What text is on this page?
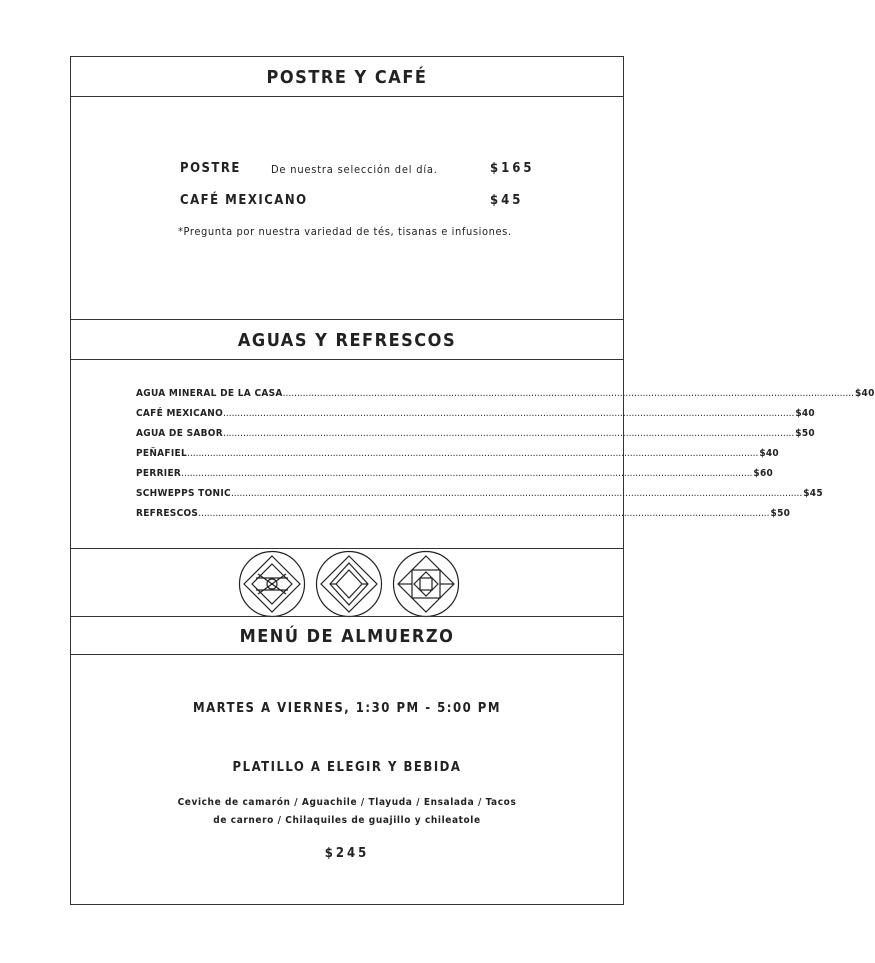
POSTRE Y CAFÉ
POSTRE	De nuestra selección del día.	$165
CAFÉ MEXICANO	$45
*Pregunta por nuestra variedad de tés, tisanas e infusiones.
AGUAS Y REFRESCOS
AGUA MINERAL DE LA CASA ........................................................................................................................................................................................................ $40
CAFÉ MEXICANO ........................................................................................................................................................................................................ $40
AGUA DE SABOR ........................................................................................................................................................................................................ $50
PEÑAFIEL ........................................................................................................................................................................................................ $40
PERRIER ........................................................................................................................................................................................................ $60
SCHWEPPS TONIC ........................................................................................................................................................................................................ $45
REFRESCOS ........................................................................................................................................................................................................ $50
MENÚ DE ALMUERZO
MARTES A VIERNES, 1:30 PM - 5:00 PM
PLATILLO A ELEGIR Y BEBIDA
Ceviche de camarón / Aguachile / Tlayuda / Ensalada / Tacos
de carnero / Chilaquiles de guajillo y chileatole
$245
